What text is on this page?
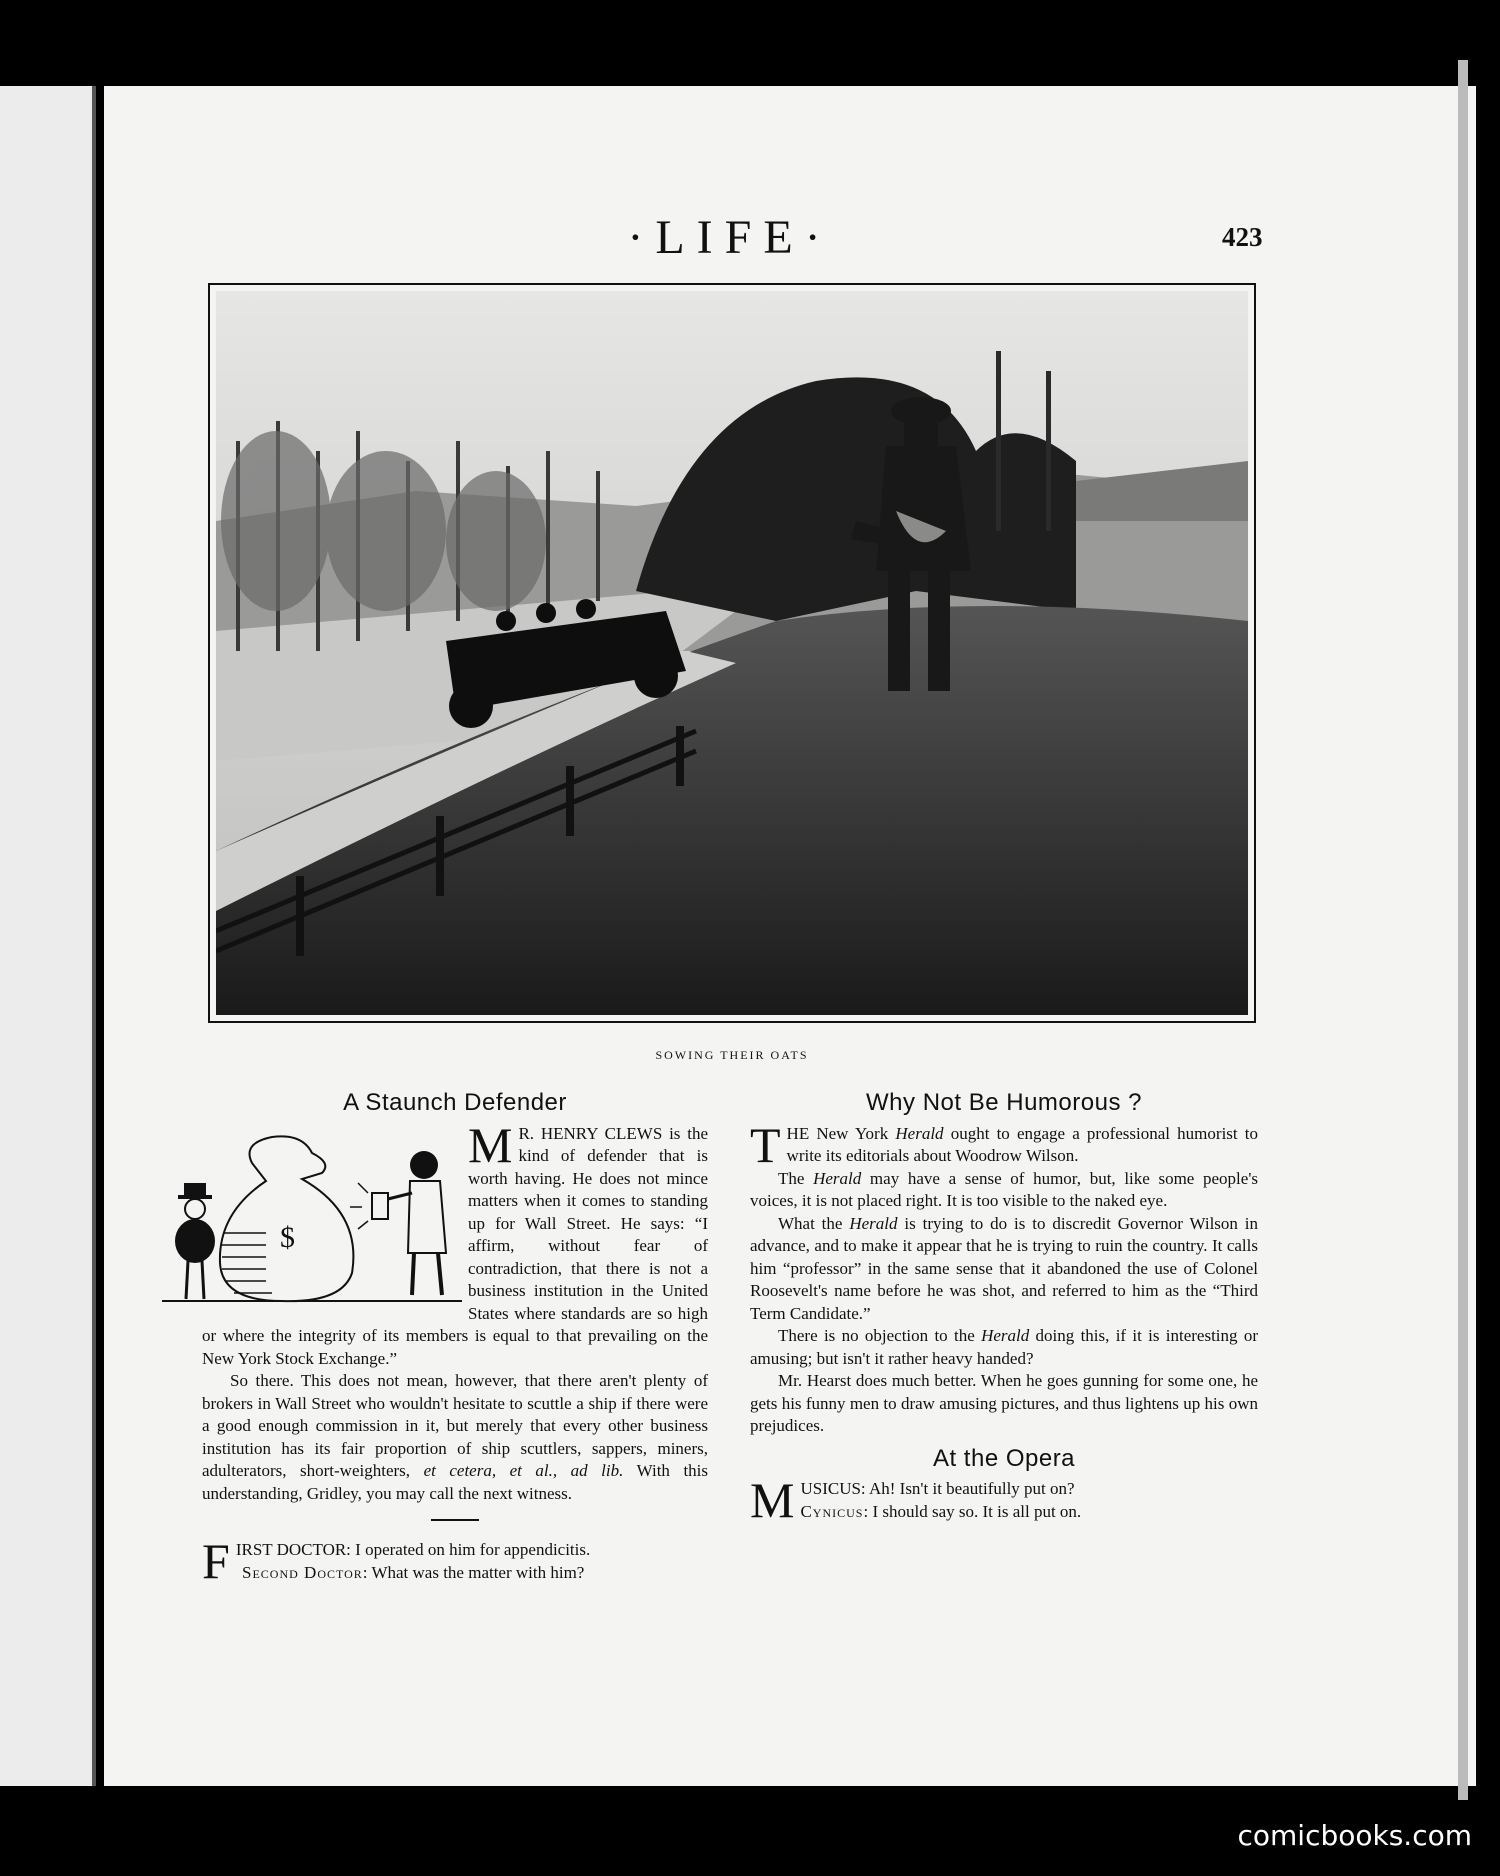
·LIFE·	423
SOWING THEIR OATS
A Staunch Defender
$

M R. HENRY CLEWS is the kind of defender that is worth having. He does not mince matters when it comes to standing up for Wall Street. He says: “I affirm, without fear of contradiction, that there is not a business institution in the United States where standards are so high or where the integrity of its members is equal to that prevailing on the New York Stock Exchange.”

So there. This does not mean, however, that there aren't plenty of brokers in Wall Street who wouldn't hesitate to scuttle a ship if there were a good enough commission in it, but merely that every other business institution has its fair proportion of ship scuttlers, sappers, miners, adulterators, short-weighters, et cetera, et al., ad lib. With this understanding, Gridley, you may call the next witness.

FIRST DOCTOR: I operated on him for appendicitis.

Second Doctor: What was the matter with him?

Why Not Be Humorous ?

THE New York Herald ought to engage a professional humorist to write its editorials about Woodrow Wilson.

The Herald may have a sense of humor, but, like some people's voices, it is not placed right. It is too visible to the naked eye.

What the Herald is trying to do is to discredit Governor Wilson in advance, and to make it appear that he is trying to ruin the country. It calls him “professor” in the same sense that it abandoned the use of Colonel Roosevelt's name before he was shot, and referred to him as the “Third Term Candidate.”

There is no objection to the Herald doing this, if it is interesting or amusing; but isn't it rather heavy handed?

Mr. Hearst does much better. When he goes gunning for some one, he gets his funny men to draw amusing pictures, and thus lightens up his own prejudices.

At the Opera

MUSICUS: Ah! Isn't it beautifully put on?

Cynicus: I should say so. It is all put on.

comicbooks.com
